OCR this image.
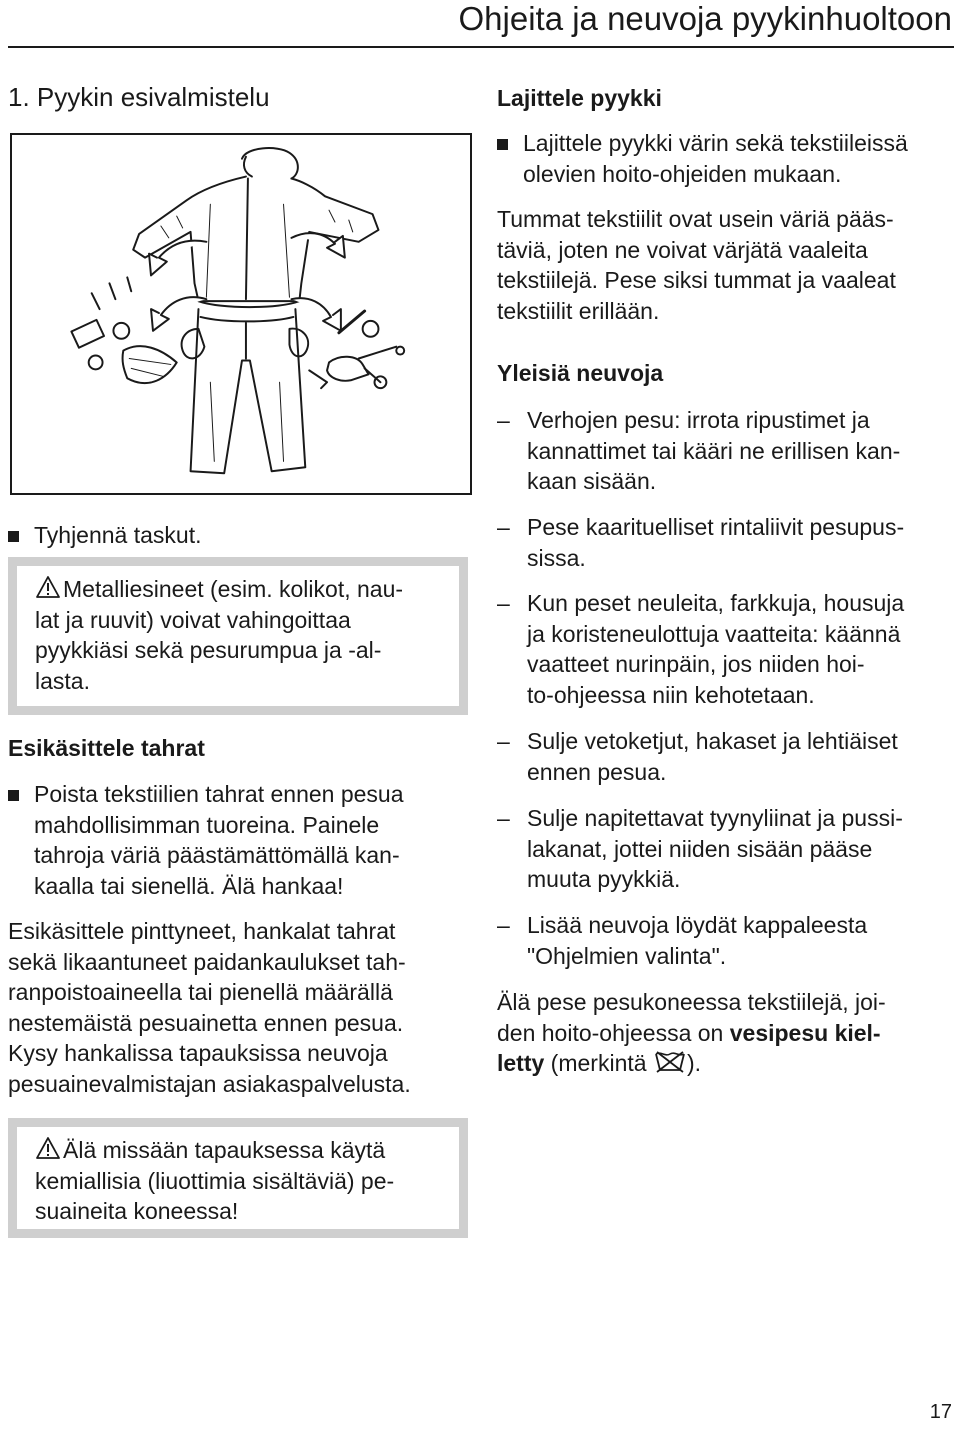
Ohjeita ja neuvoja pyykinhuoltoon
1. Pyykin esivalmistelu

Tyhjennä taskut.

Metalliesineet (esim. kolikot, nau-
lat ja ruuvit) voivat vahingoittaa
pyykkiäsi sekä pesurumpua ja -al-
lasta.

Esikäsittele tahrat

Poista tekstiilien tahrat ennen pesua
mahdollisimman tuoreina. Painele
tahroja väriä päästämättömällä kan-
kaalla tai sienellä. Älä hankaa!

Esikäsittele pinttyneet, hankalat tahrat
sekä likaantuneet paidankaulukset tah-
ranpoistoaineella tai pienellä määrällä
nestemäistä pesuainetta ennen pesua.
Kysy hankalissa tapauksissa neuvoja
pesuainevalmistajan asiakaspalvelusta.

Älä missään tapauksessa käytä
kemiallisia (liuottimia sisältäviä) pe-
suaineita koneessa!

Lajittele pyykki

Lajittele pyykki värin sekä tekstiileissä
olevien hoito-ohjeiden mukaan.

Tummat tekstiilit ovat usein väriä pääs-
täviä, joten ne voivat värjätä vaaleita
tekstiilejä. Pese siksi tummat ja vaaleat
tekstiilit erillään.

Yleisiä neuvoja
– Verhojen pesu: irrota ripustimet ja
kannattimet tai kääri ne erillisen kan-
kaan sisään.

– Pese kaarituelliset rintaliivit pesupus-
sissa.

– Kun peset neuleita, farkkuja, housuja
ja koristeneulottuja vaatteita: käännä
vaatteet nurinpäin, jos niiden hoi-
to-ohjeessa niin kehotetaan.

– Sulje vetoketjut, hakaset ja lehtiäiset
ennen pesua.

– Sulje napitettavat tyynyliinat ja pussi-
lakanat, jottei niiden sisään pääse
muuta pyykkiä.

– Lisää neuvoja löydät kappaleesta
"Ohjelmien valinta".

Älä pese pesukoneessa tekstiilejä, joi-
den hoito-ohjeessa on vesipesu kiel-
letty (merkintä ).

17
